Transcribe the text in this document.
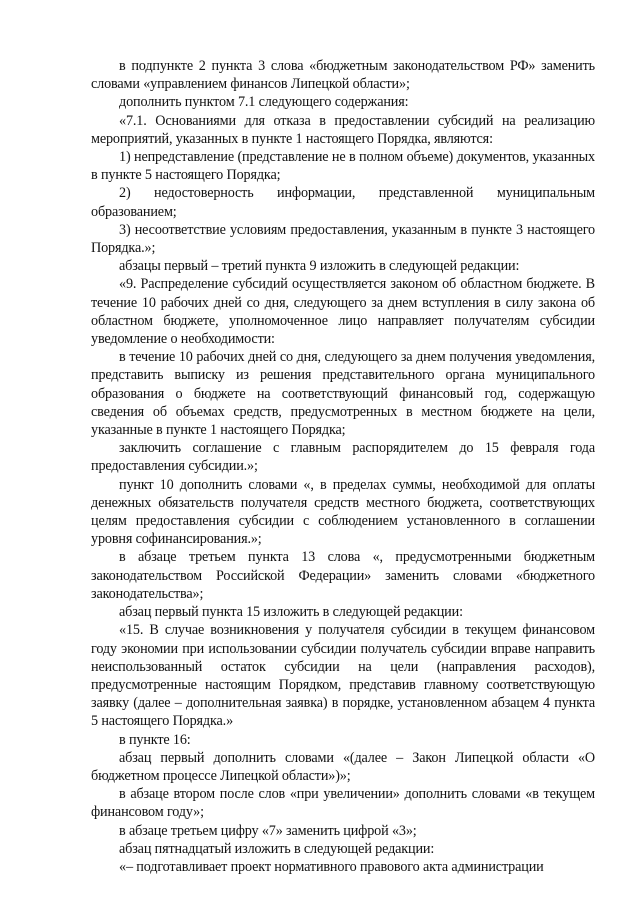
в подпункте 2 пункта 3 слова «бюджетным законодательством РФ» заменить словами «управлением финансов Липецкой области»;

дополнить пунктом 7.1 следующего содержания:

«7.1. Основаниями для отказа в предоставлении субсидий на реализацию мероприятий, указанных в пункте 1 настоящего Порядка, являются:

1) непредставление (представление не в полном объеме) документов, указанных в пункте 5 настоящего Порядка;

2) недостоверность информации, представленной муниципальным образованием;

3) несоответствие условиям предоставления, указанным в пункте 3 настоящего Порядка.»;

абзацы первый – третий пункта 9 изложить в следующей редакции:

«9. Распределение субсидий осуществляется законом об областном бюджете. В течение 10 рабочих дней со дня, следующего за днем вступления в силу закона об областном бюджете, уполномоченное лицо направляет получателям субсидии уведомление о необходимости:

в течение 10 рабочих дней со дня, следующего за днем получения уведомления, представить выписку из решения представительного органа муниципального образования о бюджете на соответствующий финансовый год, содержащую сведения об объемах средств, предусмотренных в местном бюджете на цели, указанные в пункте 1 настоящего Порядка;

заключить соглашение с главным распорядителем до 15 февраля года предоставления субсидии.»;

пункт 10 дополнить словами «, в пределах суммы, необходимой для оплаты денежных обязательств получателя средств местного бюджета, соответствующих целям предоставления субсидии с соблюдением установленного в соглашении уровня софинансирования.»;

в абзаце третьем пункта 13 слова «, предусмотренными бюджетным законодательством Российской Федерации» заменить словами «бюджетного законодательства»;

абзац первый пункта 15 изложить в следующей редакции:

«15. В случае возникновения у получателя субсидии в текущем финансовом году экономии при использовании субсидии получатель субсидии вправе направить неиспользованный остаток субсидии на цели (направления расходов), предусмотренные настоящим Порядком, представив главному соответствующую заявку (далее – дополнительная заявка) в порядке, установленном абзацем 4 пункта 5 настоящего Порядка.»

в пункте 16:

абзац первый дополнить словами «(далее – Закон Липецкой области «О бюджетном процессе Липецкой области»)»;

в абзаце втором после слов «при увеличении» дополнить словами «в текущем финансовом году»;

в абзаце третьем цифру «7» заменить цифрой «3»;

абзац пятнадцатый изложить в следующей редакции:

«– подготавливает проект нормативного правового акта администрации
